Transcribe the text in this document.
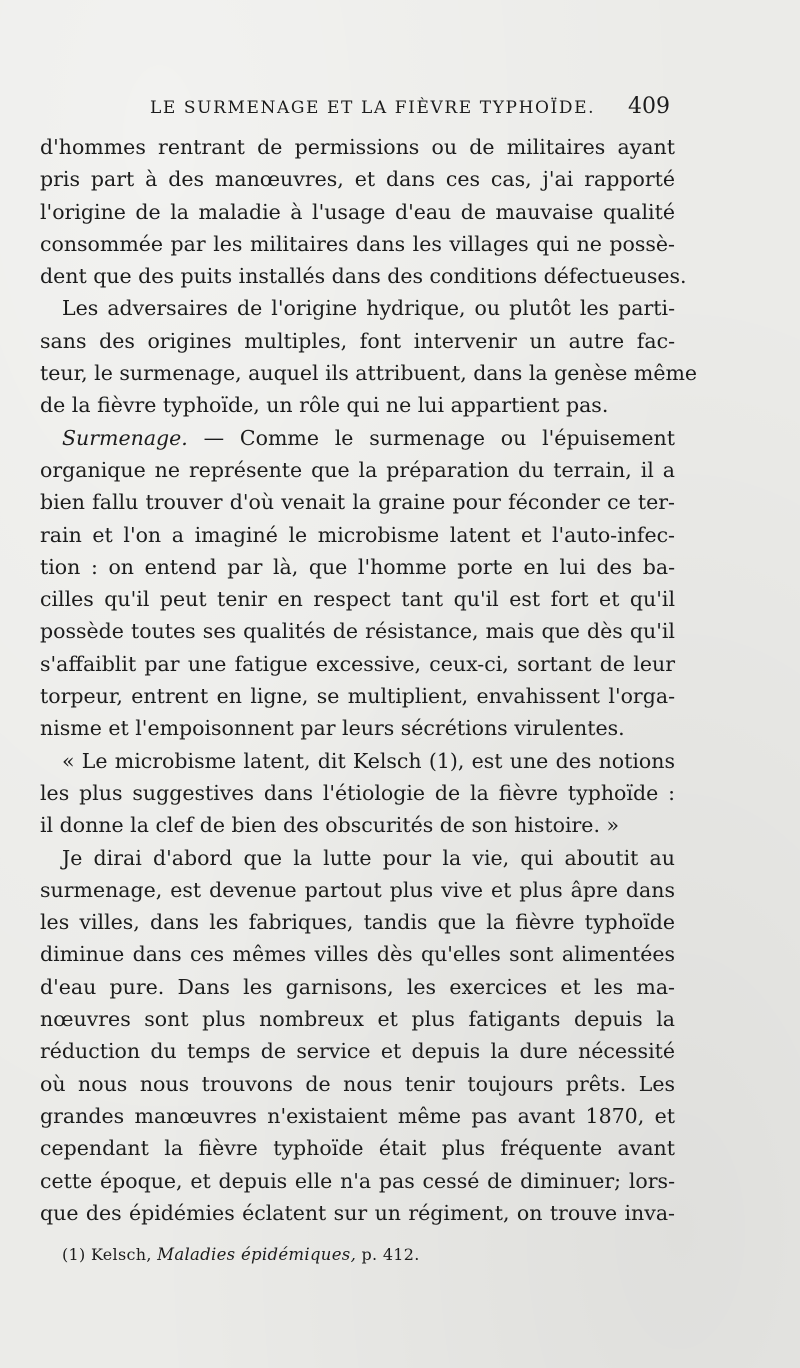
LE SURMENAGE ET LA FIÈVRE TYPHOÏDE. 409
d'hommes rentrant de permissions ou de militaires ayant
pris part à des manœuvres, et dans ces cas, j'ai rapporté
l'origine de la maladie à l'usage d'eau de mauvaise qualité
consommée par les militaires dans les villages qui ne possè-
dent que des puits installés dans des conditions défectueuses.
Les adversaires de l'origine hydrique, ou plutôt les parti-
sans des origines multiples, font intervenir un autre fac-
teur, le surmenage, auquel ils attribuent, dans la genèse même
de la fièvre typhoïde, un rôle qui ne lui appartient pas.
Surmenage. — Comme le surmenage ou l'épuisement
organique ne représente que la préparation du terrain, il a
bien fallu trouver d'où venait la graine pour féconder ce ter-
rain et l'on a imaginé le microbisme latent et l'auto-infec-
tion : on entend par là, que l'homme porte en lui des ba-
cilles qu'il peut tenir en respect tant qu'il est fort et qu'il
possède toutes ses qualités de résistance, mais que dès qu'il
s'affaiblit par une fatigue excessive, ceux-ci, sortant de leur
torpeur, entrent en ligne, se multiplient, envahissent l'orga-
nisme et l'empoisonnent par leurs sécrétions virulentes.
« Le microbisme latent, dit Kelsch (1), est une des notions
les plus suggestives dans l'étiologie de la fièvre typhoïde :
il donne la clef de bien des obscurités de son histoire. »
Je dirai d'abord que la lutte pour la vie, qui aboutit au
surmenage, est devenue partout plus vive et plus âpre dans
les villes, dans les fabriques, tandis que la fièvre typhoïde
diminue dans ces mêmes villes dès qu'elles sont alimentées
d'eau pure. Dans les garnisons, les exercices et les ma-
nœuvres sont plus nombreux et plus fatigants depuis la
réduction du temps de service et depuis la dure nécessité
où nous nous trouvons de nous tenir toujours prêts. Les
grandes manœuvres n'existaient même pas avant 1870, et
cependant la fièvre typhoïde était plus fréquente avant
cette époque, et depuis elle n'a pas cessé de diminuer; lors-
que des épidémies éclatent sur un régiment, on trouve inva-
(1) Kelsch, Maladies épidémiques, p. 412.
